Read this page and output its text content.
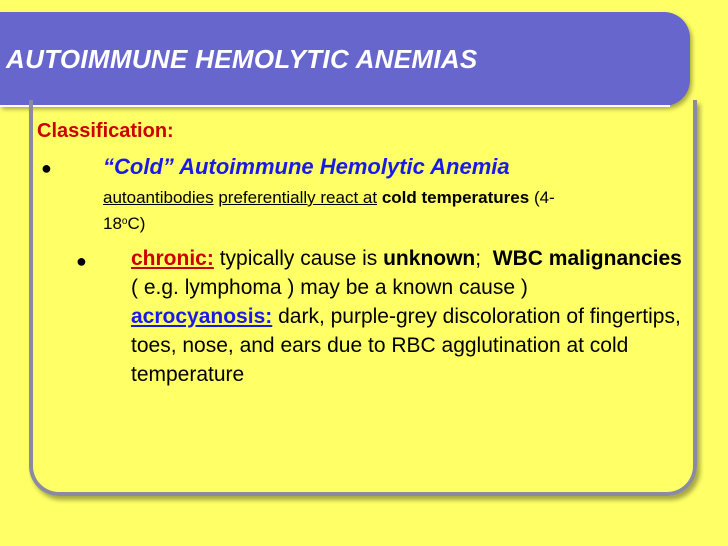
AUTOIMMUNE HEMOLYTIC ANEMIAS
Classification:
● “Cold” Autoimmune Hemolytic Anemia
autoantibodies preferentially react at cold temperatures (4-18$^o$C)
● chronic: typically cause is unknown; WBC malignancies ( e.g. lymphoma ) may be a known cause )
acrocyanosis: dark, purple-grey discoloration of fingertips, toes, nose, and ears due to RBC agglutination at cold temperature
